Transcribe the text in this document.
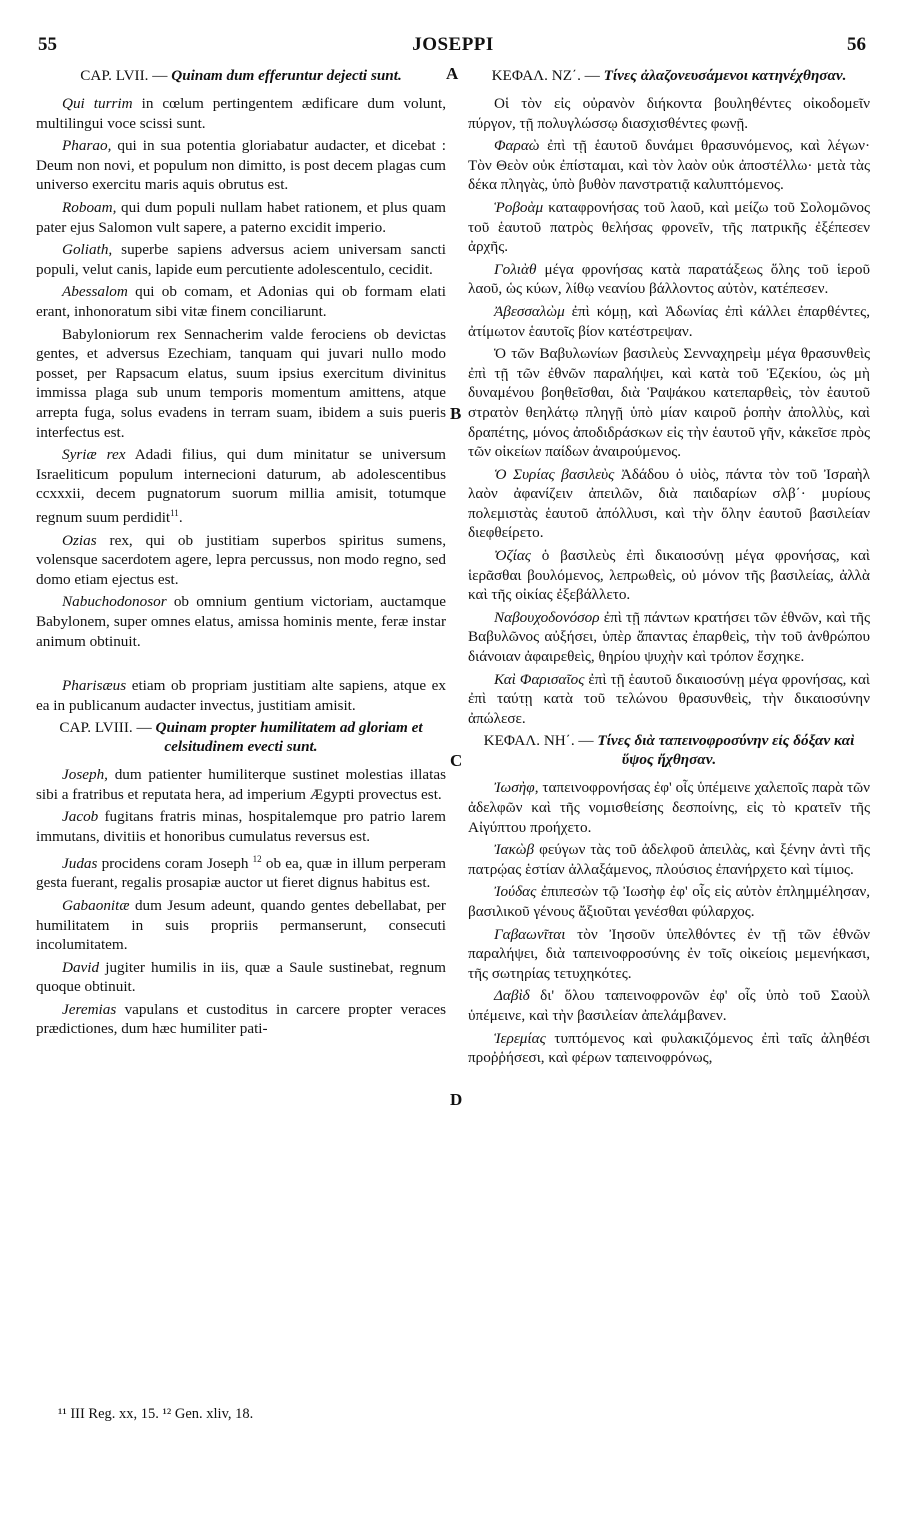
55	JOSEPPI	56
A
B
C
D

CAP. LVII. — Quinam dum efferuntur dejecti sunt.

Qui turrim in cœlum pertingentem ædificare dum volunt, multilingui voce scissi sunt.

Pharao, qui in sua potentia gloriabatur audacter, et dicebat : Deum non novi, et populum non dimitto, is post decem plagas cum universo exercitu maris aquis obrutus est.

Roboam, qui dum populi nullam habet rationem, et plus quam pater ejus Salomon vult sapere, a paterno excidit imperio.

Goliath, superbe sapiens adversus aciem universam sancti populi, velut canis, lapide eum percutiente adolescentulo, cecidit.

Abessalom qui ob comam, et Adonias qui ob formam elati erant, inhonoratum sibi vitæ finem conciliarunt.

Babyloniorum rex Sennacherim valde ferociens ob devictas gentes, et adversus Ezechiam, tanquam qui juvari nullo modo posset, per Rapsacum elatus, suum ipsius exercitum divinitus immissa plaga sub unum temporis momentum amittens, atque arrepta fuga, solus evadens in terram suam, ibidem a suis pueris interfectus est.

Syriæ rex Adadi filius, qui dum minitatur se universum Israeliticum populum internecioni daturum, ab adolescentibus ccxxxii, decem pugnatorum suorum millia amisit, totumque regnum suum perdidit$^{11}$.

Ozias rex, qui ob justitiam superbos spiritus sumens, volensque sacerdotem agere, lepra percussus, non modo regno, sed domo etiam ejectus est.

Nabuchodonosor ob omnium gentium victoriam, auctamque Babylonem, super omnes elatus, amissa hominis mente, feræ instar animum obtinuit.

Pharisæus etiam ob propriam justitiam alte sapiens, atque ex ea in publicanum audacter invectus, justitiam amisit.

CAP. LVIII. — Quinam propter humilitatem ad gloriam et celsitudinem evecti sunt.

Joseph, dum patienter humiliterque sustinet molestias illatas sibi a fratribus et reputata hera, ad imperium Ægypti provectus est.

Jacob fugitans fratris minas, hospitalemque pro patrio larem immutans, divitiis et honoribus cumulatus reversus est.

Judas procidens coram Joseph $^{12}$ ob ea, quæ in illum perperam gesta fuerant, regalis prosapiæ auctor ut fieret dignus habitus est.

Gabaonitæ dum Jesum adeunt, quando gentes debellabat, per humilitatem in suis propriis permanserunt, consecuti incolumitatem.

David jugiter humilis in iis, quæ a Saule sustinebat, regnum quoque obtinuit.

Jeremias vapulans et custoditus in carcere propter veraces prædictiones, dum hæc humiliter pati-

ΚΕΦΑΛ. ΝΖ΄. — Τίνες ἀλαζονευσάμενοι κατηνέχθησαν.

Οἱ τὸν εἰς οὐρανὸν διήκοντα βουληθέντες οἰκοδομεῖν πύργον, τῇ πολυγλώσσῳ διασχισθέντες φωνῇ.

Φαραὼ ἐπὶ τῇ ἑαυτοῦ δυνάμει θρασυνόμενος, καὶ λέγων· Τὸν Θεὸν οὐκ ἐπίσταμαι, καὶ τὸν λαὸν οὐκ ἀποστέλλω· μετὰ τὰς δέκα πληγὰς, ὑπὸ βυθὸν πανστρατιᾷ καλυπτόμενος.

Ῥοβοὰμ καταφρονήσας τοῦ λαοῦ, καὶ μείζω τοῦ Σολομῶνος τοῦ ἑαυτοῦ πατρὸς θελήσας φρονεῖν, τῆς πατρικῆς ἐξέπεσεν ἀρχῆς.

Γολιὰθ μέγα φρονήσας κατὰ παρατάξεως ὅλης τοῦ ἱεροῦ λαοῦ, ὡς κύων, λίθῳ νεανίου βάλλοντος αὐτὸν, κατέπεσεν.

Ἀβεσσαλὼμ ἐπὶ κόμῃ, καὶ Ἀδωνίας ἐπὶ κάλλει ἐπαρθέντες, ἀτίμωτον ἑαυτοῖς βίον κατέστρεψαν.

Ὁ τῶν Βαβυλωνίων βασιλεὺς Σενναχηρεὶμ μέγα θρασυνθεὶς ἐπὶ τῇ τῶν ἐθνῶν παραλήψει, καὶ κατὰ τοῦ Ἐζεκίου, ὡς μὴ δυναμένου βοηθεῖσθαι, διὰ Ῥαψάκου κατεπαρθεὶς, τὸν ἑαυτοῦ στρατὸν θεηλάτῳ πληγῇ ὑπὸ μίαν καιροῦ ῥοπὴν ἀπολλὺς, καὶ δραπέτης, μόνος ἀποδιδράσκων εἰς τὴν ἑαυτοῦ γῆν, κἀκεῖσε πρὸς τῶν οἰκείων παίδων ἀναιρούμενος.

Ὁ Συρίας βασιλεὺς Ἀδάδου ὁ υἱὸς, πάντα τὸν τοῦ Ἰσραὴλ λαὸν ἀφανίζειν ἀπειλῶν, διὰ παιδαρίων σλβ΄· μυρίους πολεμιστὰς ἑαυτοῦ ἀπόλλυσι, καὶ τὴν ὅλην ἑαυτοῦ βασιλείαν διεφθείρετο.

Ὀζίας ὁ βασιλεὺς ἐπὶ δικαιοσύνῃ μέγα φρονήσας, καὶ ἱερᾶσθαι βουλόμενος, λεπρωθεὶς, οὐ μόνον τῆς βασιλείας, ἀλλὰ καὶ τῆς οἰκίας ἐξεβάλλετο.

Ναβουχοδονόσορ ἐπὶ τῇ πάντων κρατήσει τῶν ἐθνῶν, καὶ τῆς Βαβυλῶνος αὐξήσει, ὑπὲρ ἅπαντας ἐπαρθεὶς, τὴν τοῦ ἀνθρώπου διάνοιαν ἀφαιρεθεὶς, θηρίου ψυχὴν καὶ τρόπον ἔσχηκε.

Καὶ Φαρισαῖος ἐπὶ τῇ ἑαυτοῦ δικαιοσύνῃ μέγα φρονήσας, καὶ ἐπὶ ταύτῃ κατὰ τοῦ τελώνου θρασυνθεὶς, τὴν δικαιοσύνην ἀπώλεσε.

ΚΕΦΑΛ. ΝΗ΄. — Τίνες διὰ ταπεινοφροσύνην εἰς δόξαν καὶ ὕψος ἤχθησαν.

Ἰωσὴφ, ταπεινοφρονήσας ἐφ' οἷς ὑπέμεινε χαλεποῖς παρὰ τῶν ἀδελφῶν καὶ τῆς νομισθείσης δεσποίνης, εἰς τὸ κρατεῖν τῆς Αἰγύπτου προήχετο.

Ἰακὼβ φεύγων τὰς τοῦ ἀδελφοῦ ἀπειλὰς, καὶ ξένην ἀντὶ τῆς πατρῴας ἑστίαν ἀλλαξάμενος, πλούσιος ἐπανήρχετο καὶ τίμιος.

Ἰούδας ἐπιπεσὼν τῷ Ἰωσὴφ ἐφ' οἷς εἰς αὐτὸν ἐπλημμέλησαν, βασιλικοῦ γένους ἄξιοῦται γενέσθαι φύλαρχος.

Γαβαωνῖται τὸν Ἰησοῦν ὑπελθόντες ἐν τῇ τῶν ἐθνῶν παραλήψει, διὰ ταπεινοφροσύνης ἐν τοῖς οἰκείοις μεμενήκασι, τῆς σωτηρίας τετυχηκότες.

Δαβὶδ δι' ὅλου ταπεινοφρονῶν ἐφ' οἷς ὑπὸ τοῦ Σαοὺλ ὑπέμεινε, καὶ τὴν βασιλείαν ἀπελάμβανεν.

Ἱερεμίας τυπτόμενος καὶ φυλακιζόμενος ἐπὶ ταῖς ἀληθέσι προῤῥήσεσι, καὶ φέρων ταπεινοφρόνως,

¹¹ III Reg. xx, 15. ¹² Gen. xliv, 18.
